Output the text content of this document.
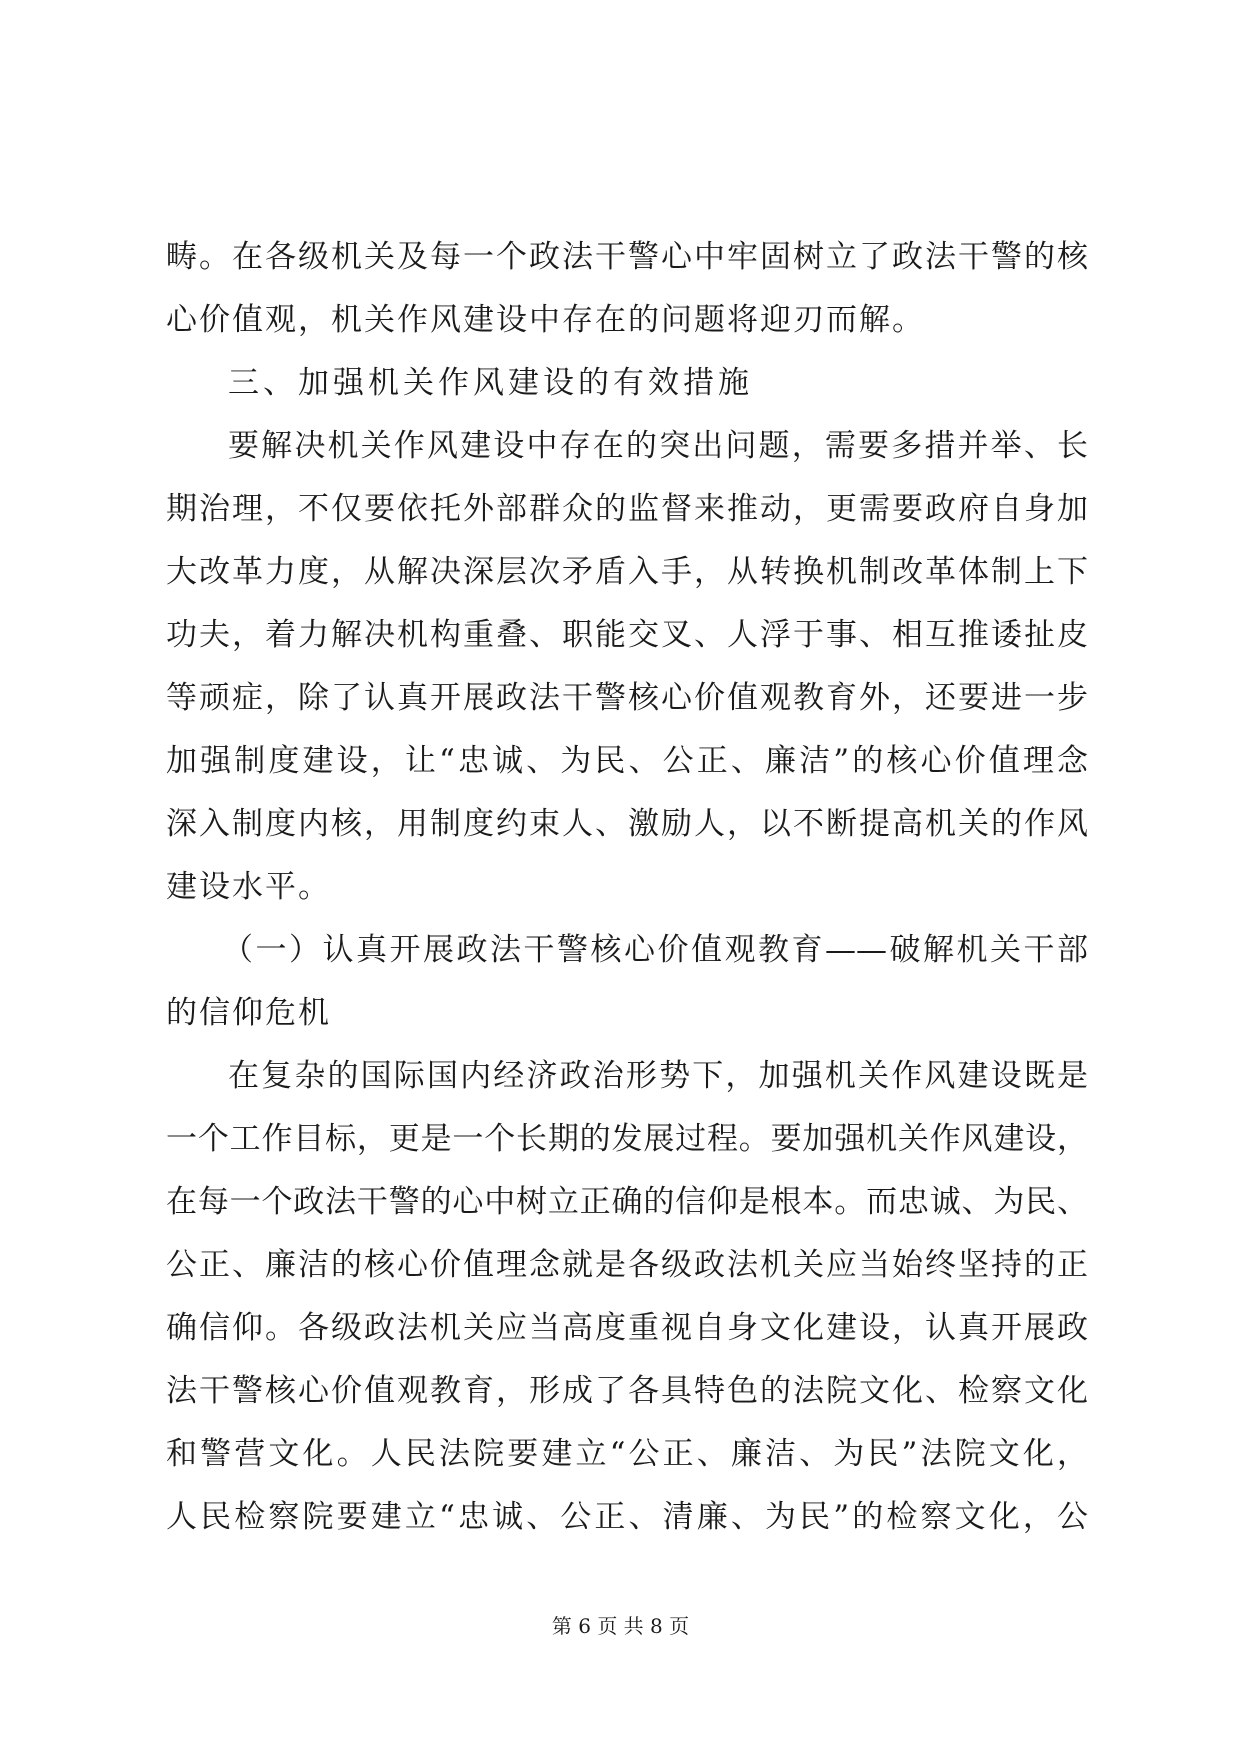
畴。在各级机关及每一个政法干警心中牢固树立了政法干警的核
心价值观，机关作风建设中存在的问题将迎刃而解。
三、加强机关作风建设的有效措施
要解决机关作风建设中存在的突出问题，需要多措并举、长
期治理，不仅要依托外部群众的监督来推动，更需要政府自身加
大改革力度，从解决深层次矛盾入手，从转换机制改革体制上下
功夫，着力解决机构重叠、职能交叉、人浮于事、相互推诿扯皮
等顽症，除了认真开展政法干警核心价值观教育外，还要进一步
加强制度建设，让“忠诚、为民、公正、廉洁”的核心价值理念
深入制度内核，用制度约束人、激励人，以不断提高机关的作风
建设水平。
（一）认真开展政法干警核心价值观教育——破解机关干部
的信仰危机
在复杂的国际国内经济政治形势下，加强机关作风建设既是
一个工作目标，更是一个长期的发展过程。要加强机关作风建设，
在每一个政法干警的心中树立正确的信仰是根本。而忠诚、为民、
公正、廉洁的核心价值理念就是各级政法机关应当始终坚持的正
确信仰。各级政法机关应当高度重视自身文化建设，认真开展政
法干警核心价值观教育，形成了各具特色的法院文化、检察文化
和警营文化。人民法院要建立“公正、廉洁、为民”法院文化，
人民检察院要建立“忠诚、公正、清廉、为民”的检察文化，公
第 6 页 共 8 页
